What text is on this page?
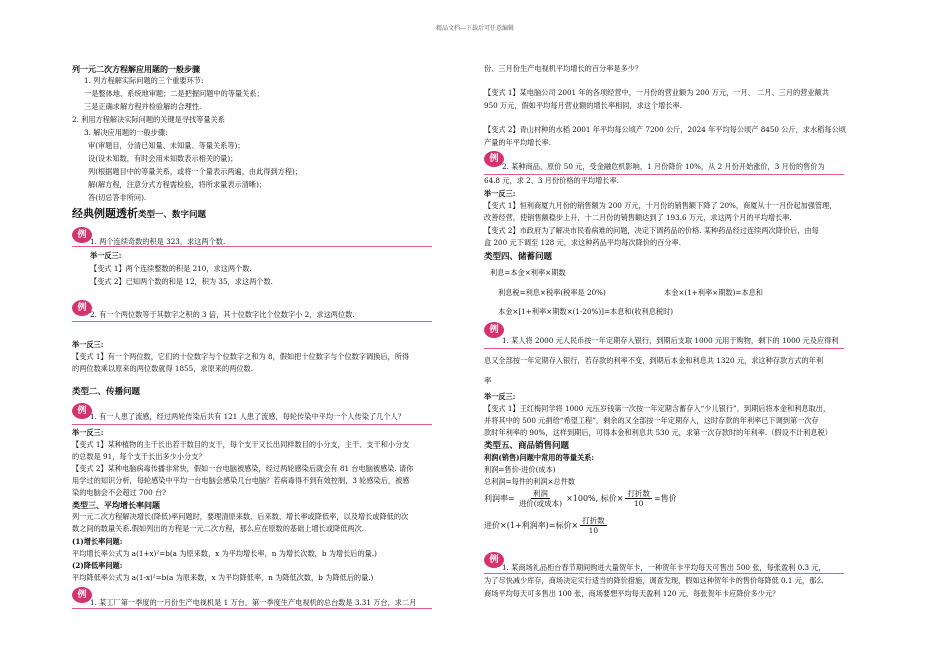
精品文档---下载后可任意编辑
列一元二次方程解应用题的一般步骤
1. 列方程解实际问题的三个重要环节:
一是整体地、系统地审题；二是把握问题中的等量关系；
三是正确求解方程并检验解的合理性.
2. 利用方程解决实际问题的关键是寻找等量关系
3. 解决应用题的一般步骤:
审(审题目，分清已知量、未知量、等量关系等)；
设(设未知数，有时会用未知数表示相关的量)；
列(根据题目中的等量关系，或将一个量表示两遍，由此得到方程)；
解(解方程，注意分式方程需检验，将所求量表示清晰)；
答(切忌答非所问).
经典例题透析类型一、数字问题
例
1. 两个连续奇数的积是 323，求这两个数.
举一反三:
【变式 1】两个连续整数的积是 210，求这两个数.
【变式 2】已知两个数的和是 12，积为 35，求这两个数.
例
2. 有一个两位数等于其数字之积的 3 倍，其十位数字比个位数字小 2，求这两位数.
举一反三:
【变式 1】有一个两位数，它们的十位数字与个位数字之和为 8，假如把十位数字与个位数字调换后，所得
的两位数乘以原来的两位数就得 1855，求原来的两位数.
类型二、传播问题
例
1. 有一人患了流感，经过两轮传染后共有 121 人患了流感，每轮传染中平均一个人传染了几个人？
举一反三:
【变式 1】某种植物的主干长出若干数目的支干，每个支干又长出同样数目的小分支，主干、支干和小分支
的总数是 91，每个支干长出多少小分支？
【变式 2】某种电脑病毒传播非常快，假如一台电脑被感染，经过两轮感染后就会有 81 台电脑被感染. 请你
用学过的知识分析，每轮感染中平均一台电脑会感染几台电脑？若病毒得不到有效控制，3 轮感染后，被感
染的电脑会不会超过 700 台?
类型三、平均增长率问题
列一元二次方程解决增长(降低)率问题时，要理清原来数、后来数、增长率或降低率，以及增长或降低的次
数之间的数量关系.假如列出的方程是一元二次方程，那么应在原数的基础上增长或降低两次.
(1)增长率问题:
平均增长率公式为 a(1+x)²=b(a 为原来数，x 为平均增长率，n 为增长次数，b 为增长后的量.)
(2)降低率问题:
平均降低率公式为 a(1-x)²=b(a 为原来数，x 为平均降低率，n 为降低次数，b 为降低后的量.)
例
1. 某工厂第一季度的一月份生产电视机是 1 万台，第一季度生产电视机的总台数是 3.31 万台，求二月
份、三月份生产电视机平均增长的百分率是多少？
【变式 1】某电脑公司 2001 年的各项经营中，一月份的营业额为 200 万元，一月、 二月、三月的营业额共
950 万元，假如平均每月营业额的增长率相同，求这个增长率.
【变式 2】青山村种的水稻 2001 年平均每公顷产 7200 公斤，2024 年平均每公顷产 8450 公斤，求水稻每公顷
产量的年平均增长率.
例
2. 某种商品，原价 50 元，受金融危机影响，1 月份降价 10%，从 2 月份开始涨价，3 月份的售价为
64.8 元，求 2、3 月份价格的平均增长率.
举一反三:
【变式 1】恒利商厦九月份的销售额为 200 万元，十月份的销售额下降了 20%，商厦从十一月份起加强管理，
改善经营，使销售额稳步上升，十二月份的销售额达到了 193.6 万元，求这两个月的平均增长率.
【变式 2】市政府为了解决市民看病难的问题，决定下调药品的价格. 某种药品经过连续两次降价后，由每
盒 200 元下调至 128 元，求这种药品平均每次降价的百分率.
类型四、储蓄问题
利息=本金×利率×期数
利息税=利息×税率(税率是 20%)	本金×(1+利率×期数)=本息和
本金×[1+利率×期数×(1-20%)]=本息和(收利息税时)
例
1. 某人将 2000 元人民币按一年定期存入银行，到期后支取 1000 元用于购物，剩下的 1000 元及应得利
息又全部按一年定期存入银行，若存款的利率不变，到期后本金和利息共 1320 元，求这种存款方式的年利
率
举一反三:
【变式 1】王红梅同学将 1000 元压岁钱第一次按一年定期含蓄存入“少儿银行”，到期后将本金和利息取出，
并将其中的 500 元捐给“希望工程”，剩余的又全部按一年定期存入，这时存款的年利率已下调到第一次存
款时年利率的 90%，这样到期后，可得本金和利息共 530 元，求第一次存款时的年利率.（假设不计利息税）
类型五、商品销售问题
利润(销售)问题中常用的等量关系:
利润=售价-进价(成本)
总利润=每件的利润×总件数
利润率= $\frac{\text{利润}}{\text{进价(或成本)}} \times 100\%$, 标价× $\frac{\text{打折数}}{10}$ =售价
进价×(1+利润率)=标价× $\frac{\text{打折数}}{10}$
例
1. 某商场礼品柜台春节期间购进大量贺年卡，一种贺年卡平均每天可售出 500 张，每张盈利 0.3 元，
为了尽快减少库存，商场决定实行适当的降价措施，调查发现，假如这种贺年卡的售价每降低 0.1 元，那么
商场平均每天可多售出 100 张，商场要想平均每天盈利 120 元，每张贺年卡应降价多少元？
